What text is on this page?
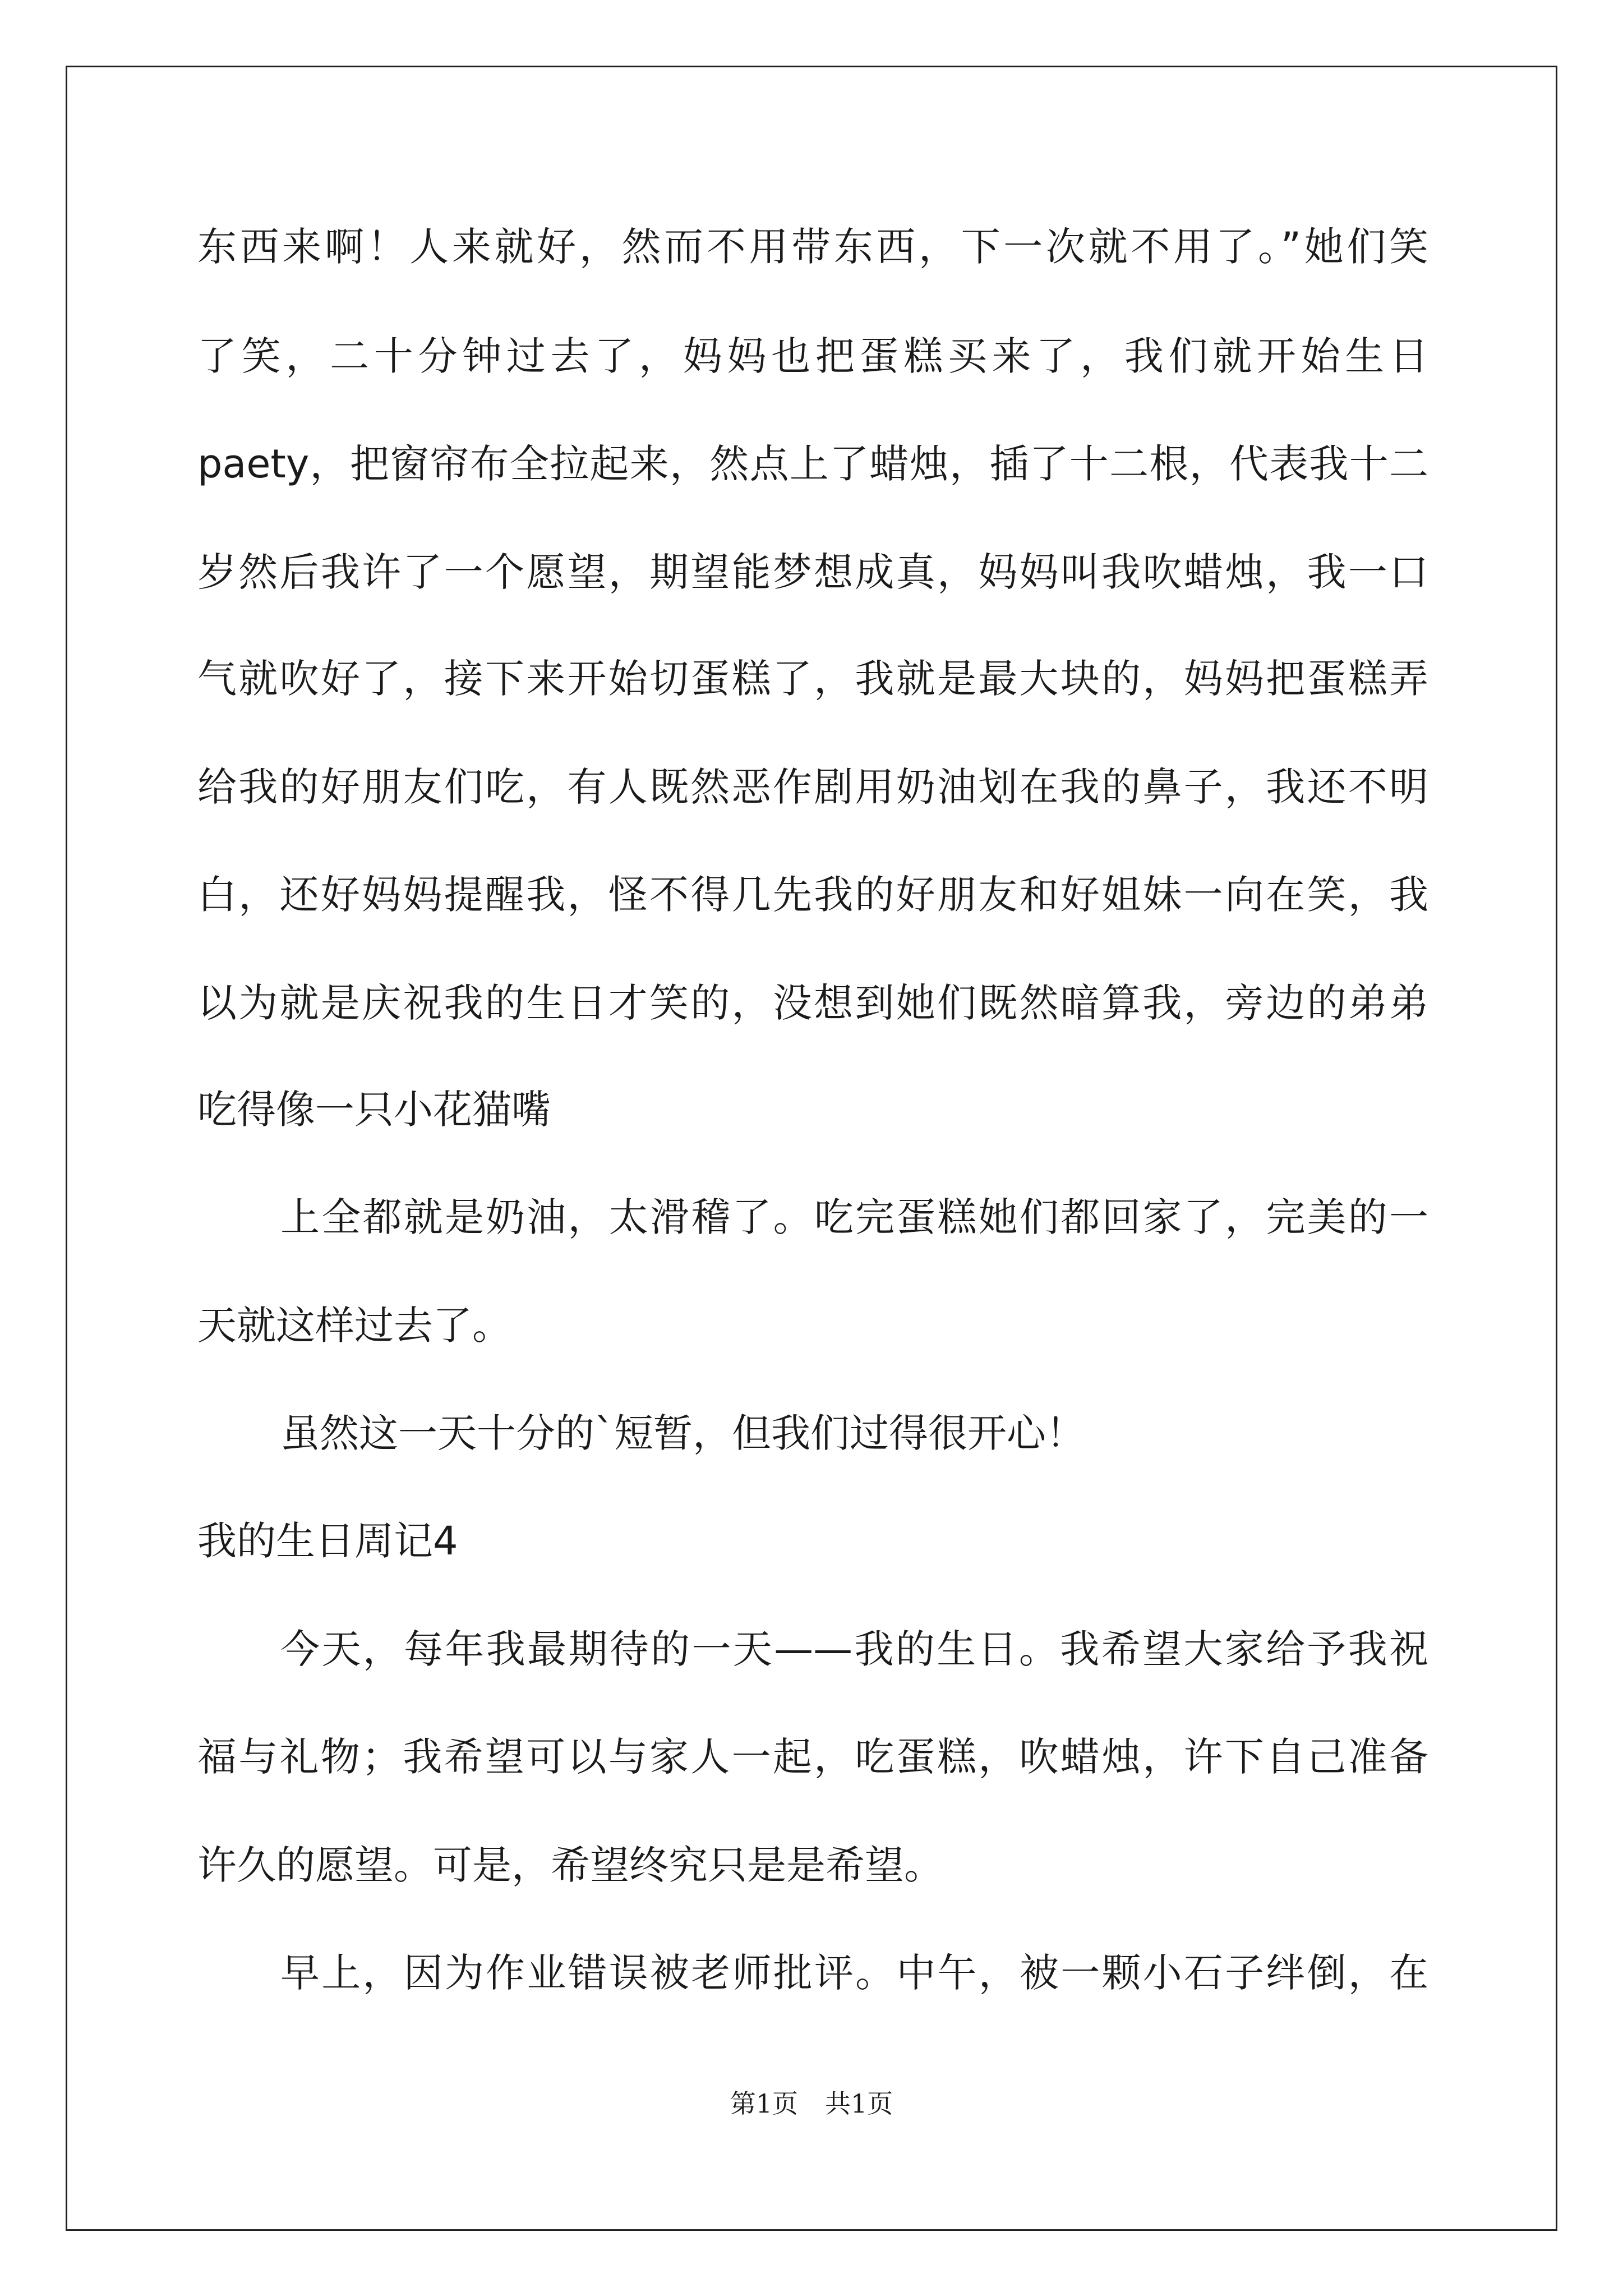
东西来啊！人来就好，然而不用带东西，下一次就不用了。”她们笑
了笑，二十分钟过去了，妈妈也把蛋糕买来了，我们就开始生日
paety，把窗帘布全拉起来，然点上了蜡烛，插了十二根，代表我十二
岁然后我许了一个愿望，期望能梦想成真，妈妈叫我吹蜡烛，我一口
气就吹好了，接下来开始切蛋糕了，我就是最大块的，妈妈把蛋糕弄
给我的好朋友们吃，有人既然恶作剧用奶油划在我的鼻子，我还不明
白，还好妈妈提醒我，怪不得几先我的好朋友和好姐妹一向在笑，我
以为就是庆祝我的生日才笑的，没想到她们既然暗算我，旁边的弟弟
吃得像一只小花猫嘴
上全都就是奶油，太滑稽了。吃完蛋糕她们都回家了，完美的一
天就这样过去了。
虽然这一天十分的`短暂，但我们过得很开心！
我的生日周记4
今天，每年我最期待的一天——我的生日。我希望大家给予我祝
福与礼物；我希望可以与家人一起，吃蛋糕，吹蜡烛，许下自己准备
许久的愿望。可是，希望终究只是是希望。
早上，因为作业错误被老师批评。中午，被一颗小石子绊倒，在
第1页 共1页
